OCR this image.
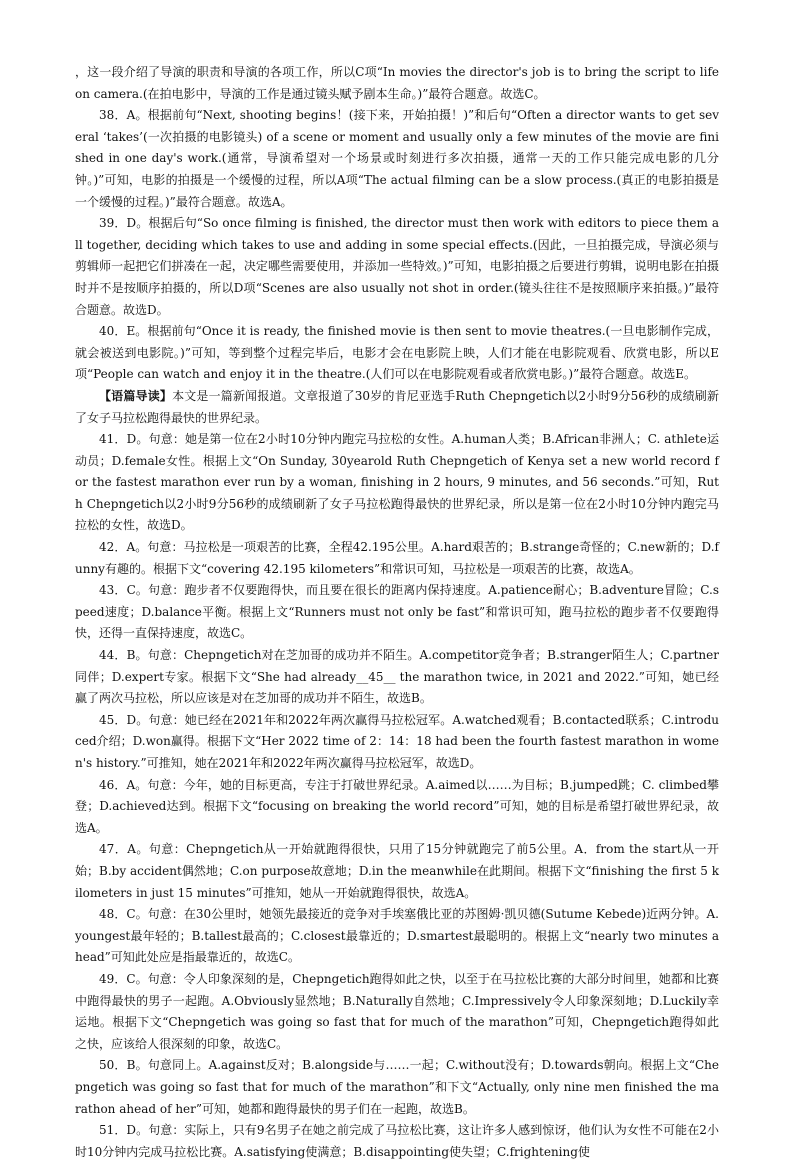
，这一段介绍了导演的职责和导演的各项工作，所以C项“In movies the director's job is to bring the script to life on camera.(在拍电影中，导演的工作是通过镜头赋予剧本生命。)”最符合题意。故选C。

38．A。根据前句“Next, shooting begins！(接下来，开始拍摄！)”和后句“Often a director wants to get several ‘takes’(一次拍摄的电影镜头) of a scene or moment and usually only a few minutes of the movie are finished in one day's work.(通常，导演希望对一个场景或时刻进行多次拍摄，通常一天的工作只能完成电影的几分钟。)”可知，电影的拍摄是一个缓慢的过程，所以A项“The actual filming can be a slow process.(真正的电影拍摄是一个缓慢的过程。)”最符合题意。故选A。

39．D。根据后句“So once filming is finished, the director must then work with editors to piece them all together, deciding which takes to use and adding in some special effects.(因此，一旦拍摄完成，导演必须与剪辑师一起把它们拼凑在一起，决定哪些需要使用，并添加一些特效。)”可知，电影拍摄之后要进行剪辑，说明电影在拍摄时并不是按顺序拍摄的，所以D项“Scenes are also usually not shot in order.(镜头往往不是按照顺序来拍摄。)”最符合题意。故选D。

40．E。根据前句“Once it is ready, the finished movie is then sent to movie theatres.(一旦电影制作完成，就会被送到电影院。)”可知，等到整个过程完毕后，电影才会在电影院上映，人们才能在电影院观看、欣赏电影，所以E项“People can watch and enjoy it in the theatre.(人们可以在电影院观看或者欣赏电影。)”最符合题意。故选E。

【语篇导读】本文是一篇新闻报道。文章报道了30岁的肯尼亚选手Ruth Chepngetich以2小时9分56秒的成绩刷新了女子马拉松跑得最快的世界纪录。

41．D。句意：她是第一位在2小时10分钟内跑完马拉松的女性。A.human人类；B.African非洲人；C. athlete运动员；D.female女性。根据上文“On Sunday, 30yearold Ruth Chepngetich of Kenya set a new world record for the fastest marathon ever run by a woman, finishing in 2 hours, 9 minutes, and 56 seconds.”可知，Ruth Chepngetich以2小时9分56秒的成绩刷新了女子马拉松跑得最快的世界纪录，所以是第一位在2小时10分钟内跑完马拉松的女性，故选D。

42．A。句意：马拉松是一项艰苦的比赛，全程42.195公里。A.hard艰苦的；B.strange奇怪的；C.new新的；D.funny有趣的。根据下文“covering 42.195 kilometers”和常识可知，马拉松是一项艰苦的比赛，故选A。

43．C。句意：跑步者不仅要跑得快，而且要在很长的距离内保持速度。A.patience耐心；B.adventure冒险；C.speed速度；D.balance平衡。根据上文“Runners must not only be fast”和常识可知，跑马拉松的跑步者不仅要跑得快，还得一直保持速度，故选C。

44．B。句意：Chepngetich对在芝加哥的成功并不陌生。A.competitor竞争者；B.stranger陌生人；C.partner同伴；D.expert专家。根据下文“She had already__45__ the marathon twice, in 2021 and 2022.”可知，她已经赢了两次马拉松，所以应该是对在芝加哥的成功并不陌生，故选B。

45．D。句意：她已经在2021年和2022年两次赢得马拉松冠军。A.watched观看；B.contacted联系；C.introduced介绍；D.won赢得。根据下文“Her 2022 time of 2：14：18 had been the fourth fastest marathon in women's history.”可推知，她在2021年和2022年两次赢得马拉松冠军，故选D。

46．A。句意：今年，她的目标更高，专注于打破世界纪录。A.aimed以……为目标；B.jumped跳；C. climbed攀登；D.achieved达到。根据下文“focusing on breaking the world record”可知，她的目标是希望打破世界纪录，故选A。

47．A。句意：Chepngetich从一开始就跑得很快，只用了15分钟就跑完了前5公里。A．from the start从一开始；B.by accident偶然地；C.on purpose故意地；D.in the meanwhile在此期间。根据下文“finishing the first 5 kilometers in just 15 minutes”可推知，她从一开始就跑得很快，故选A。

48．C。句意：在30公里时，她领先最接近的竞争对手埃塞俄比亚的苏图姆·凯贝德(Sutume Kebede)近两分钟。A.youngest最年轻的；B.tallest最高的；C.closest最靠近的；D.smartest最聪明的。根据上文“nearly two minutes ahead”可知此处应是指最靠近的，故选C。

49．C。句意：令人印象深刻的是，Chepngetich跑得如此之快，以至于在马拉松比赛的大部分时间里，她都和比赛中跑得最快的男子一起跑。A.Obviously显然地；B.Naturally自然地；C.Impressively令人印象深刻地；D.Luckily幸运地。根据下文“Chepngetich was going so fast that for much of the marathon”可知，Chepngetich跑得如此之快，应该给人很深刻的印象，故选C。

50．B。句意同上。A.against反对；B.alongside与……一起；C.without没有；D.towards朝向。根据上文“Chepngetich was going so fast that for much of the marathon”和下文“Actually, only nine men finished the marathon ahead of her”可知，她都和跑得最快的男子们在一起跑，故选B。

51．D。句意：实际上，只有9名男子在她之前完成了马拉松比赛，这让许多人感到惊讶，他们认为女性不可能在2小时10分钟内完成马拉松比赛。A.satisfying使满意；B.disappointing使失望；C.frightening使
